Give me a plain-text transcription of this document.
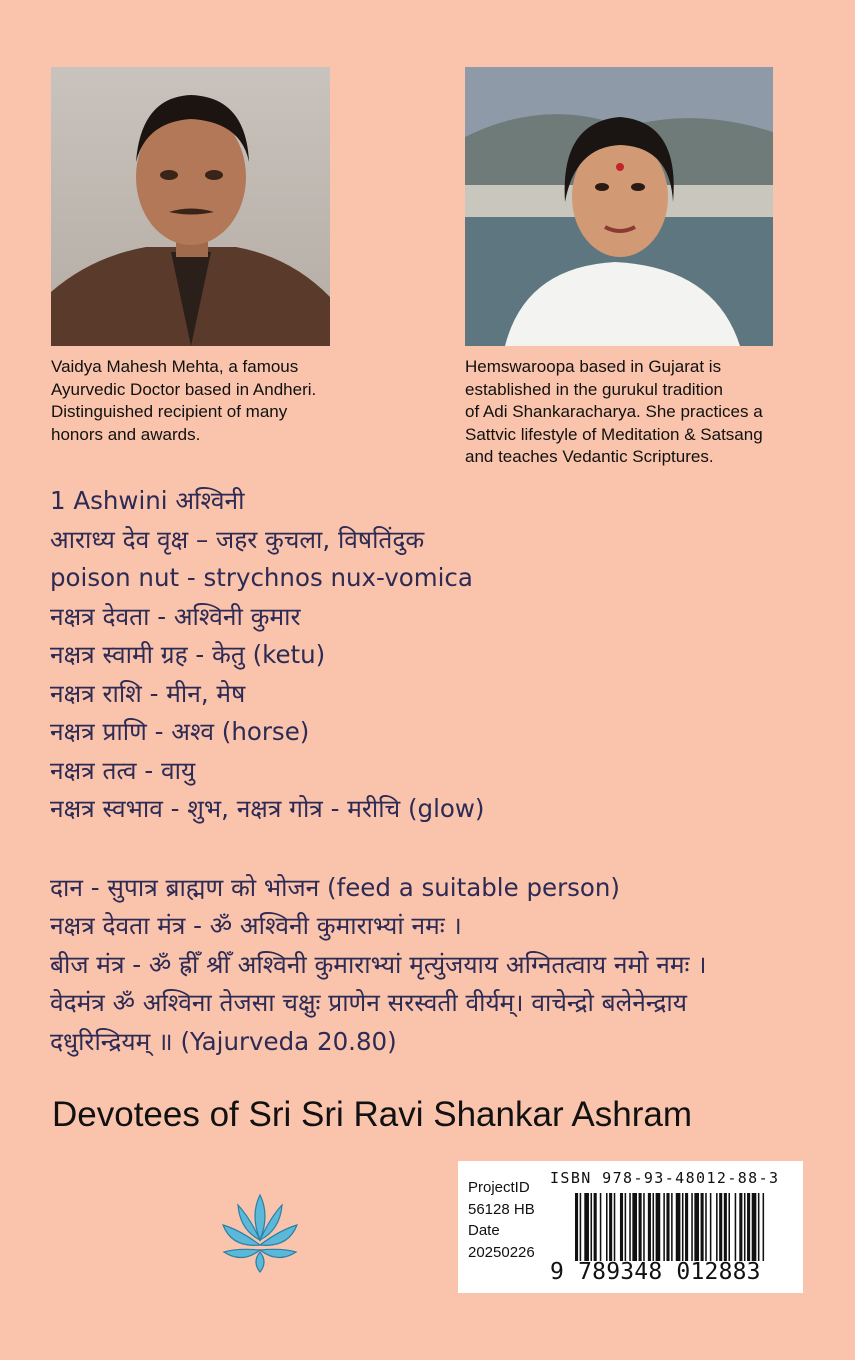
Vaidya Mahesh Mehta, a famous
Ayurvedic Doctor based in Andheri.
Distinguished recipient of many
honors and awards.
Hemswaroopa based in Gujarat is
established in the gurukul tradition
of Adi Shankaracharya. She practices a
Sattvic lifestyle of Meditation & Satsang
and teaches Vedantic Scriptures.
1 Ashwini अश्विनी
आराध्य देव वृक्ष – जहर कुचला, विषतिंदुक
poison nut - strychnos nux-vomica
नक्षत्र देवता - अश्विनी कुमार
नक्षत्र स्वामी ग्रह - केतु (ketu)
नक्षत्र राशि - मीन, मेष
नक्षत्र प्राणि - अश्व (horse)
नक्षत्र तत्व - वायु
नक्षत्र स्वभाव - शुभ, नक्षत्र गोत्र - मरीचि (glow)
दान - सुपात्र ब्राह्मण को भोजन (feed a suitable person)
नक्षत्र देवता मंत्र - ॐ अश्विनी कुमाराभ्यां नमः ।
बीज मंत्र - ॐ ह्रीँ श्रीँ अश्विनी कुमाराभ्यां मृत्युंजयाय अग्नितत्वाय नमो नमः ।
वेदमंत्र ॐ अश्विना तेजसा चक्षुः प्राणेन सरस्वती वीर्यम्‌। वाचेन्द्रो बलेनेन्द्राय
दधुरिन्द्रियम्‌ ॥ (Yajurveda 20.80)
Devotees of Sri Sri Ravi Shankar Ashram
ProjectID
56128 HB
Date
20250226
ISBN 978-93-48012-88-3
9 789348 012883
